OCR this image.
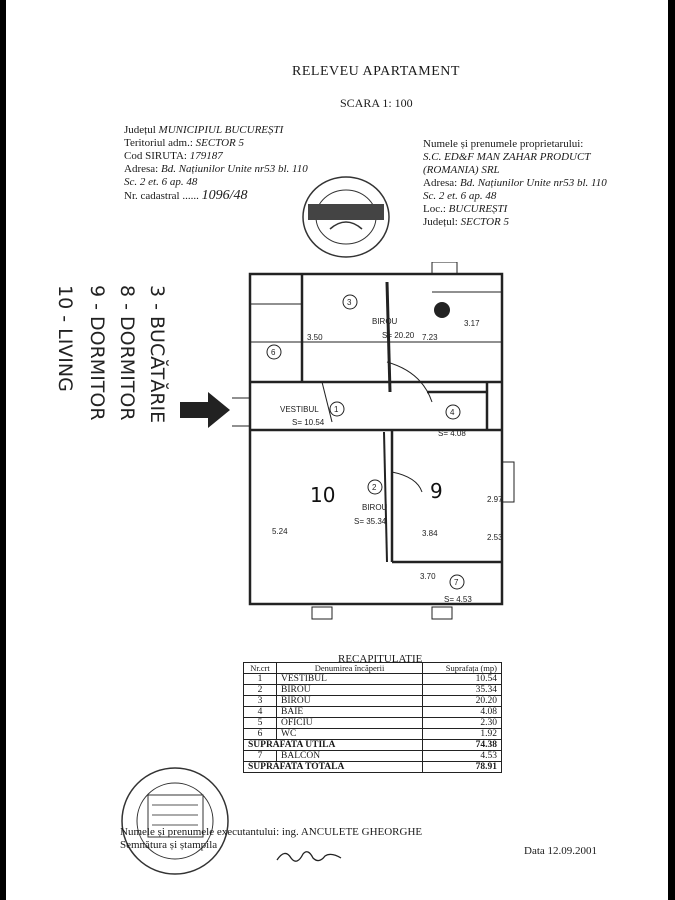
RELEVEU APARTAMENT
SCARA 1: 100
Județul MUNICIPIUL BUCUREȘTI
Teritoriul adm.: SECTOR 5
Cod SIRUTA: 179187
Adresa: Bd. Națiunilor Unite nr53 bl. 110
Sc. 2 et. 6 ap. 48
Nr. cadastral ...... 1096/48
Numele și prenumele proprietarului:
S.C. ED&F MAN ZAHAR PRODUCT
(ROMANIA) SRL
Adresa: Bd. Națiunilor Unite nr53 bl. 110
Sc. 2 et. 6 ap. 48
Loc.: BUCUREȘTI
Județul: SECTOR 5
3 - BUCĂTĂRIE
8 - DORMITOR
9 - DORMITOR
10 - LIVING	3
BIROU
S= 20.20
1
VESTIBUL
S= 10.54
2
BIROU
S= 35.34
4
S= 4.08
7
S= 4.53
6
3.50	7.23
3.17
5.24	3.84
3.70
2.97
2.53
10	9
RECAPITULATIE
Nr.crt	Denumirea încăperii	Suprafața (mp)
1	VESTIBUL	10.54
2	BIROU	35.34
3	BIROU	20.20
4	BAIE	4.08
5	OFICIU	2.30
6	WC	1.92
SUPRAFATA UTILA		74.38
7	BALCON	4.53
SUPRAFATA TOTALA		78.91
Numele și prenumele executantului: ing. ANCULETE GHEORGHE
Semnătura și ștampila	Data 12.09.2001
